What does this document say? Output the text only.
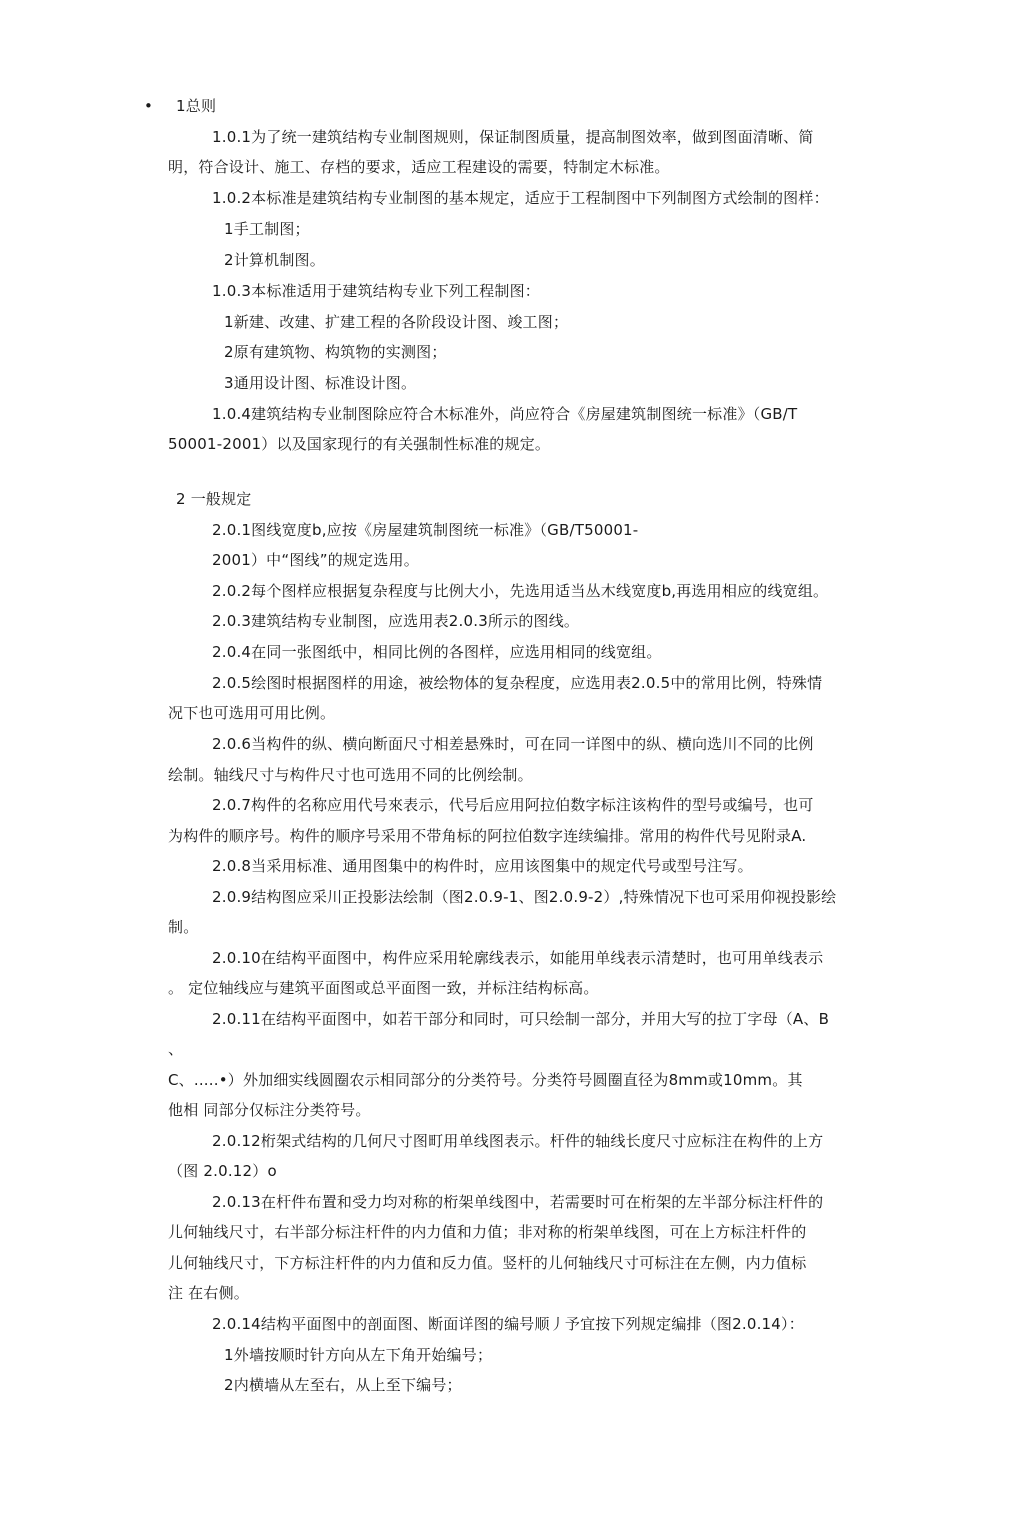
• 1总则
1.0.1为了统一建筑结构专业制图规则，保证制图质量，提高制图效率，做到图面清晰、简
明，符合设计、施工、存档的要求，适应工程建设的需要，特制定木标准。
1.0.2本标准是建筑结构专业制图的基本规定，适应于工程制图中下列制图方式绘制的图样：
1手工制图；
2计算机制图。
1.0.3本标准适用于建筑结构专业下列工程制图：
1新建、改建、扩建工程的各阶段设计图、竣工图；
2原有建筑物、构筑物的实测图；
3通用设计图、标准设计图。
1.0.4建筑结构专业制图除应符合木标准外，尚应符合《房屋建筑制图统一标准》（GB/T
50001-2001）以及国家现行的有关强制性标准的规定。
2 一般规定
2.0.1图线宽度b,应按《房屋建筑制图统一标准》（GB/T50001-
2001）中“图线”的规定选用。
2.0.2每个图样应根据复杂程度与比例大小，先选用适当丛木线宽度b,再选用相应的线宽组。
2.0.3建筑结构专业制图，应选用表2.0.3所示的图线。
2.0.4在同一张图纸中，相同比例的各图样，应选用相同的线宽组。
2.0.5绘图时根据图样的用途，被绘物体的复杂程度，应选用表2.0.5中的常用比例，特殊情
况下也可选用可用比例。
2.0.6当构件的纵、横向断面尺寸相差悬殊时，可在同一详图中的纵、横向选川不同的比例
绘制。轴线尺寸与构件尺寸也可选用不同的比例绘制。
2.0.7构件的名称应用代号來表示，代号后应用阿拉伯数字标注该构件的型号或编号，也可
为构件的顺序号。构件的顺序号采用不带角标的阿拉伯数字连续编排。常用的构件代号见附录A.
2.0.8当采用标准、通用图集中的构件时，应用该图集中的规定代号或型号注写。
2.0.9结构图应采川正投影法绘制（图2.0.9-1、图2.0.9-2）,特殊情况下也可采用仰视投影绘
制。
2.0.10在结构平面图中，构件应采用轮廓线表示，如能用单线表示清楚时，也可用单线表示
。 定位轴线应与建筑平面图或总平面图一致，并标注结构标高。
2.0.11在结构平面图中，如若干部分和同时，可只绘制一部分，并用大写的拉丁字母（A、B
、
C、.....•）外加细实线圆圈农示相同部分的分类符号。分类符号圆圈直径为8mm或10mm。其
他相 同部分仅标注分类符号。
2.0.12桁架式结构的几何尺寸图町用单线图表示。杆件的轴线长度尺寸应标注在构件的上方
（图 2.0.12）o
2.0.13在杆件布置和受力均对称的桁架单线图中，若需要时可在桁架的左半部分标注杆件的
儿何轴线尺寸，右半部分标注杆件的内力值和力值；非对称的桁架单线图，可在上方标注杆件的
儿何轴线尺寸，下方标注杆件的内力值和反力值。竖杆的儿何轴线尺寸可标注在左侧，内力值标
注 在右侧。
2.0.14结构平面图中的剖面图、断面详图的编号顺丿予宜按下列规定编排（图2.0.14）：
1外墙按顺时针方向从左下角开始编号；
2内横墙从左至右，从上至下编号；
